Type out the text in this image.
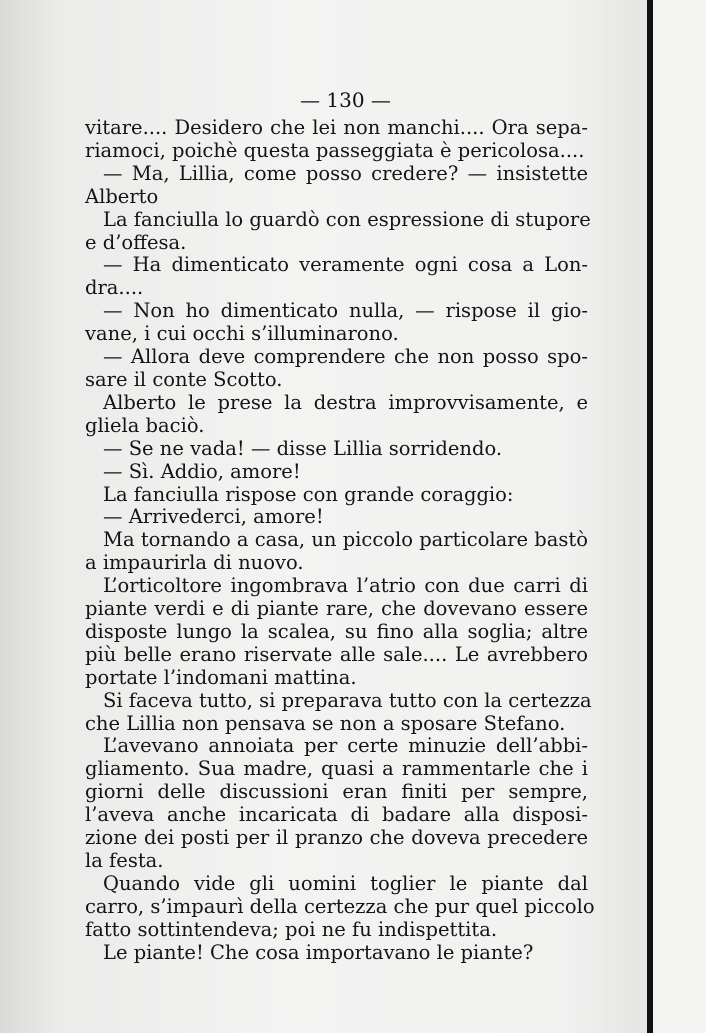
— 130 —
vitare.... Desidero che lei non manchi.... Ora sepa-
riamoci, poichè questa passeggiata è pericolosa....
— Ma, Lillia, come posso credere? — insistette
Alberto
La fanciulla lo guardò con espressione di stupore
e d’offesa.
— Ha dimenticato veramente ogni cosa a Lon-
dra....
— Non ho dimenticato nulla, — rispose il gio-
vane, i cui occhi s’illuminarono.
— Allora deve comprendere che non posso spo-
sare il conte Scotto.
Alberto le prese la destra improvvisamente, e
gliela baciò.
— Se ne vada! — disse Lillia sorridendo.
— Sì. Addio, amore!
La fanciulla rispose con grande coraggio:
— Arrivederci, amore!
Ma tornando a casa, un piccolo particolare bastò
a impaurirla di nuovo.
L’orticoltore ingombrava l’atrio con due carri di
piante verdi e di piante rare, che dovevano essere
disposte lungo la scalea, su fino alla soglia; altre
più belle erano riservate alle sale.... Le avrebbero
portate l’indomani mattina.
Si faceva tutto, si preparava tutto con la certezza
che Lillia non pensava se non a sposare Stefano.
L’avevano annoiata per certe minuzie dell’abbi-
gliamento. Sua madre, quasi a rammentarle che i
giorni delle discussioni eran finiti per sempre,
l’aveva anche incaricata di badare alla disposi-
zione dei posti per il pranzo che doveva precedere
la festa.
Quando vide gli uomini toglier le piante dal
carro, s’impaurì della certezza che pur quel piccolo
fatto sottintendeva; poi ne fu indispettita.
Le piante! Che cosa importavano le piante?
